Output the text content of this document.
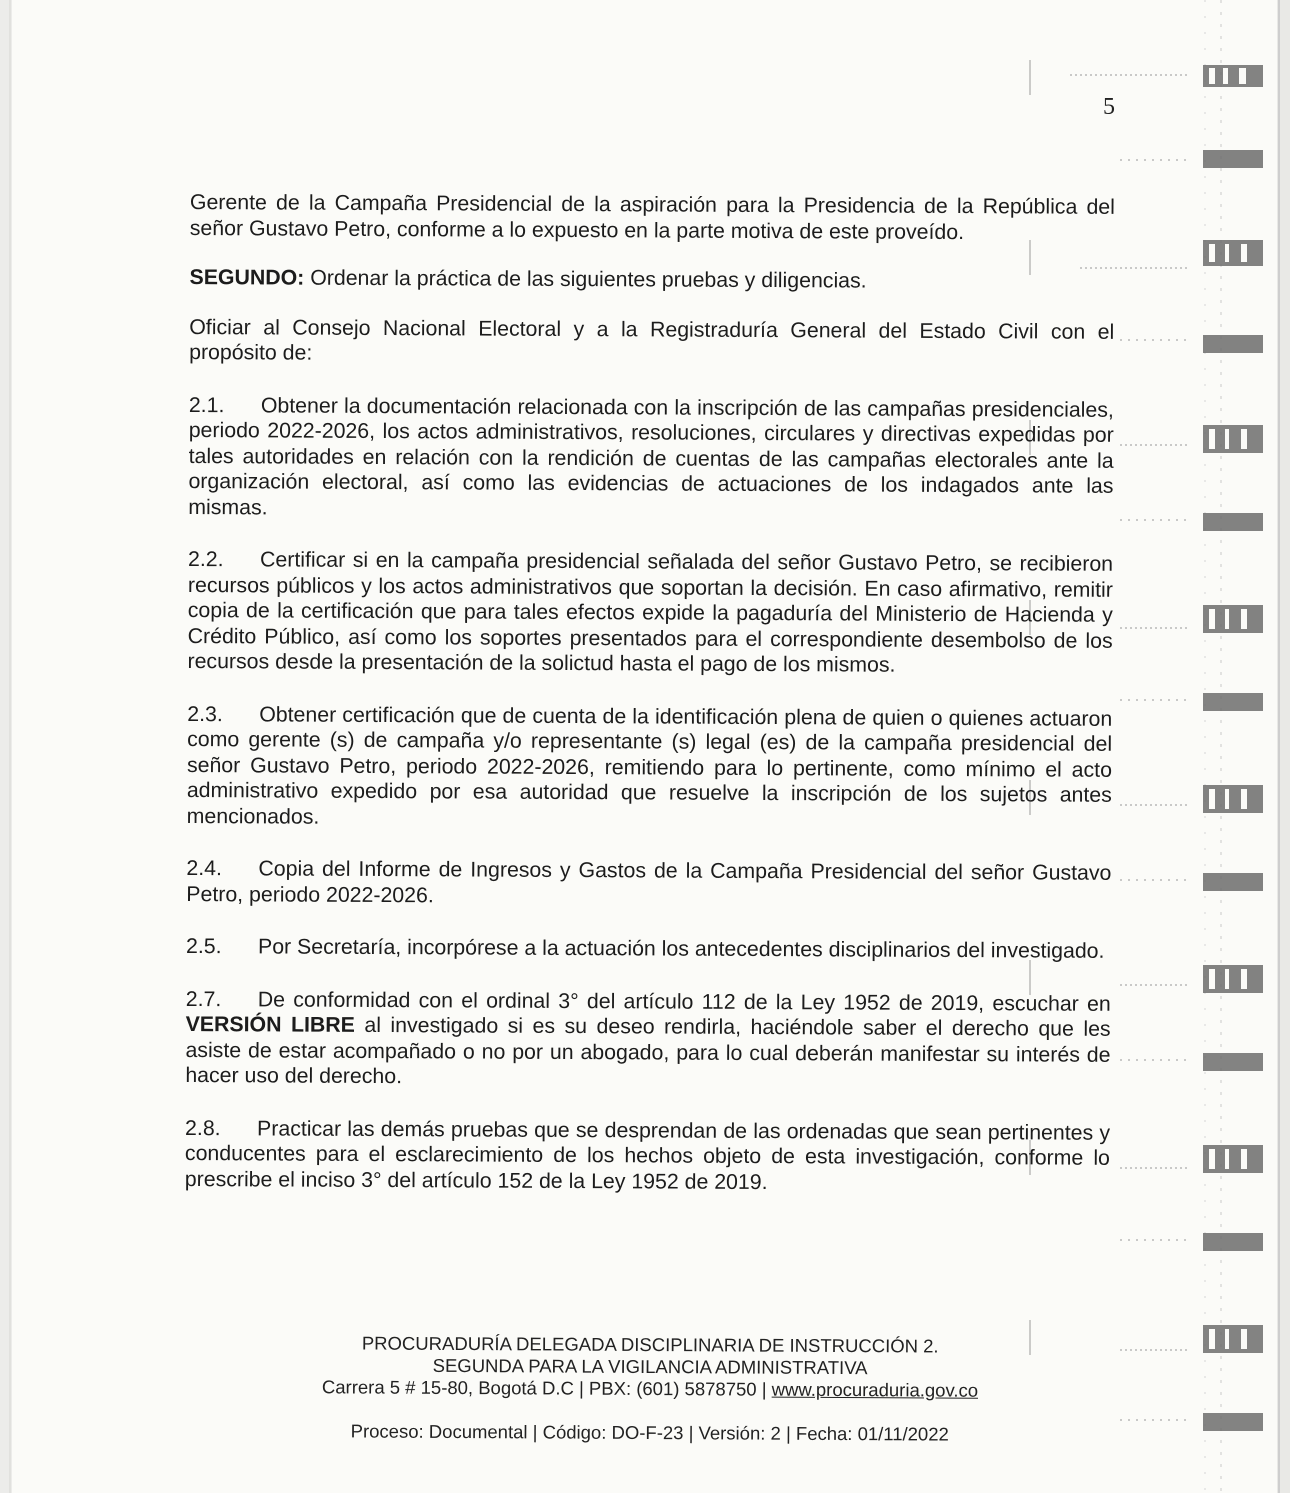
5

Gerente de la Campaña Presidencial de la aspiración para la Presidencia de la República del señor Gustavo Petro, conforme a lo expuesto en la parte motiva de este proveído.

SEGUNDO: Ordenar la práctica de las siguientes pruebas y diligencias.

Oficiar al Consejo Nacional Electoral y a la Registraduría General del Estado Civil con el propósito de:

2.1. Obtener la documentación relacionada con la inscripción de las campañas presidenciales, periodo 2022-2026, los actos administrativos, resoluciones, circulares y directivas expedidas por tales autoridades en relación con la rendición de cuentas de las campañas electorales ante la organización electoral, así como las evidencias de actuaciones de los indagados ante las mismas.

2.2. Certificar si en la campaña presidencial señalada del señor Gustavo Petro, se recibieron recursos públicos y los actos administrativos que soportan la decisión. En caso afirmativo, remitir copia de la certificación que para tales efectos expide la pagaduría del Ministerio de Hacienda y Crédito Público, así como los soportes presentados para el correspondiente desembolso de los recursos desde la presentación de la solictud hasta el pago de los mismos.

2.3. Obtener certificación que de cuenta de la identificación plena de quien o quienes actuaron como gerente (s) de campaña y/o representante (s) legal (es) de la campaña presidencial del señor Gustavo Petro, periodo 2022-2026, remitiendo para lo pertinente, como mínimo el acto administrativo expedido por esa autoridad que resuelve la inscripción de los sujetos antes mencionados.

2.4. Copia del Informe de Ingresos y Gastos de la Campaña Presidencial del señor Gustavo Petro, periodo 2022-2026.

2.5. Por Secretaría, incorpórese a la actuación los antecedentes disciplinarios del investigado.

2.7. De conformidad con el ordinal 3° del artículo 112 de la Ley 1952 de 2019, escuchar en VERSIÓN LIBRE al investigado si es su deseo rendirla, haciéndole saber el derecho que les asiste de estar acompañado o no por un abogado, para lo cual deberán manifestar su interés de hacer uso del derecho.

2.8. Practicar las demás pruebas que se desprendan de las ordenadas que sean pertinentes y conducentes para el esclarecimiento de los hechos objeto de esta investigación, conforme lo prescribe el inciso 3° del artículo 152 de la Ley 1952 de 2019.

PROCURADURÍA DELEGADA DISCIPLINARIA DE INSTRUCCIÓN 2.
SEGUNDA PARA LA VIGILANCIA ADMINISTRATIVA
Carrera 5 # 15-80, Bogotá D.C | PBX: (601) 5878750 | www.procuraduria.gov.co
Proceso: Documental | Código: DO-F-23 | Versión: 2 | Fecha: 01/11/2022
